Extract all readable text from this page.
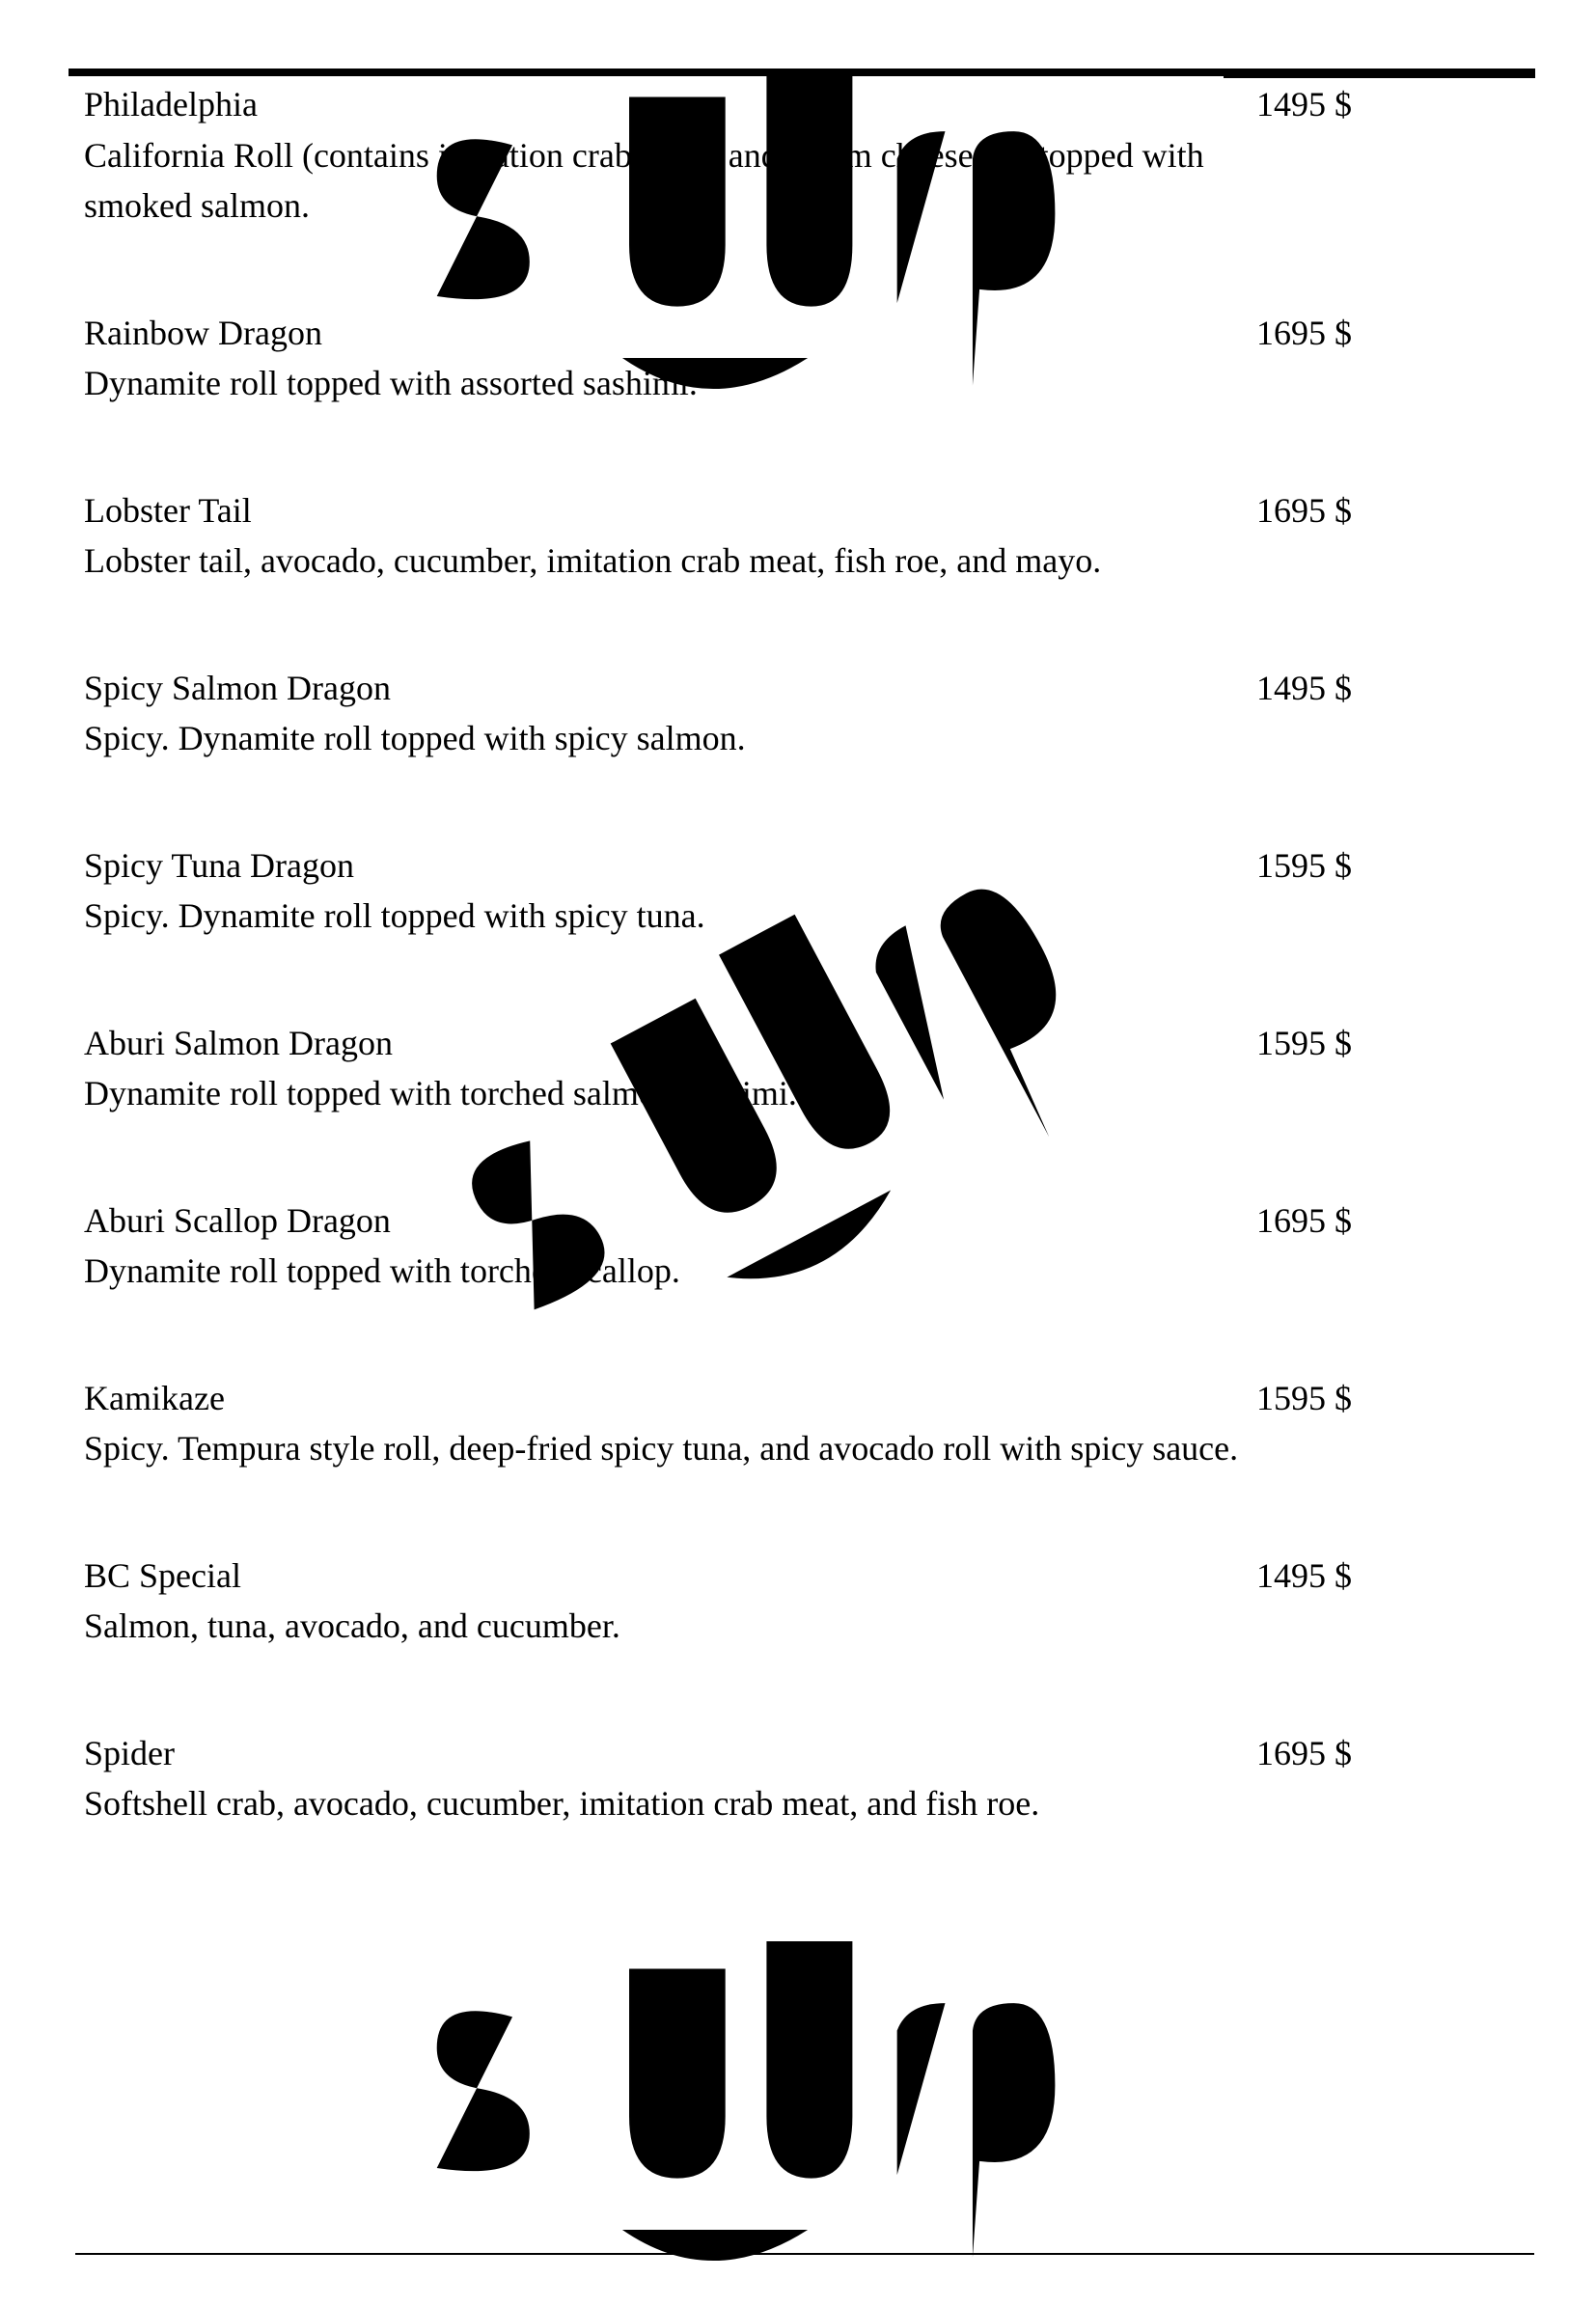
Philadelphia
California Roll (contains imitation crab meat) and cream cheese roll topped with smoked salmon.
1495 $
Rainbow Dragon
Dynamite roll topped with assorted sashimi.
1695 $
Lobster Tail
Lobster tail, avocado, cucumber, imitation crab meat, fish roe, and mayo.
1695 $
Spicy Salmon Dragon
Spicy. Dynamite roll topped with spicy salmon.
1495 $
Spicy Tuna Dragon
Spicy. Dynamite roll topped with spicy tuna.
1595 $
Aburi Salmon Dragon
Dynamite roll topped with torched salmon sashimi.
1595 $
Aburi Scallop Dragon
Dynamite roll topped with torched scallop.
1695 $
Kamikaze
Spicy. Tempura style roll, deep-fried spicy tuna, and avocado roll with spicy sauce.
1595 $
BC Special
Salmon, tuna, avocado, and cucumber.
1495 $
Spider
Softshell crab, avocado, cucumber, imitation crab meat, and fish roe.
1695 $
